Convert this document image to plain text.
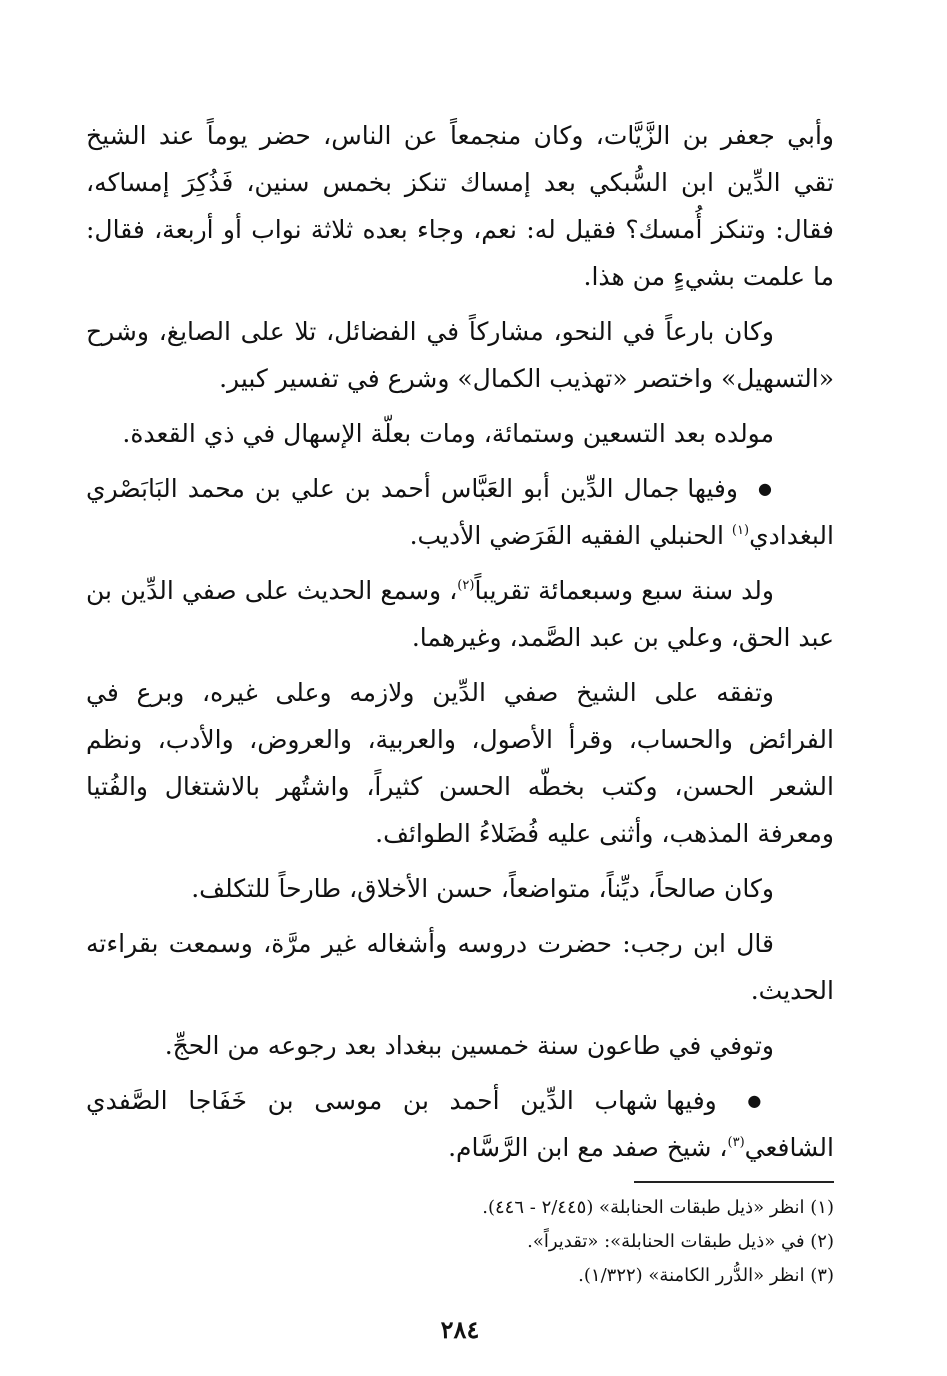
وأبي جعفر بن الزَّيَّات، وكان منجمعاً عن الناس، حضر يوماً عند الشيخ تقي الدِّين ابن السُّبكي بعد إمساك تنكز بخمس سنين، فَذُكِرَ إمساكه، فقال: وتنكز أُمسك؟ فقيل له: نعم، وجاء بعده ثلاثة نواب أو أربعة، فقال: ما علمت بشيءٍ من هذا.

وكان بارعاً في النحو، مشاركاً في الفضائل، تلا على الصايغ، وشرح «التسهيل» واختصر «تهذيب الكمال» وشرع في تفسير كبير.

مولده بعد التسعين وستمائة، ومات بعلّة الإسهال في ذي القعدة.

● وفيها جمال الدِّين أبو العَبَّاس أحمد بن علي بن محمد البَابَصْري البغدادي$^{(١)}$ الحنبلي الفقيه الفَرَضي الأديب.

ولد سنة سبع وسبعمائة تقريباً$^{(٢)}$، وسمع الحديث على صفي الدِّين بن عبد الحق، وعلي بن عبد الصَّمد، وغيرهما.

وتفقه على الشيخ صفي الدِّين ولازمه وعلى غيره، وبرع في الفرائض والحساب، وقرأ الأصول، والعربية، والعروض، والأدب، ونظم الشعر الحسن، وكتب بخطّه الحسن كثيراً، واشتُهر بالاشتغال والفُتيا ومعرفة المذهب، وأثنى عليه فُضَلاءُ الطوائف.

وكان صالحاً، ديِّناً، متواضعاً، حسن الأخلاق، طارحاً للتكلف.

قال ابن رجب: حضرت دروسه وأشغاله غير مرَّة، وسمعت بقراءته الحديث.

وتوفي في طاعون سنة خمسين ببغداد بعد رجوعه من الحجِّ.

● وفيها شهاب الدِّين أحمد بن موسى بن خَفَاجا الصَّفدي الشافعي$^{(٣)}$، شيخ صفد مع ابن الرَّسَّام.

(١) انظر «ذيل طبقات الحنابلة» (٢/٤٤٥ - ٤٤٦).

(٢) في «ذيل طبقات الحنابلة»: «تقديراً».

(٣) انظر «الدُّرر الكامنة» (١/٣٢٢).

٢٨٤
